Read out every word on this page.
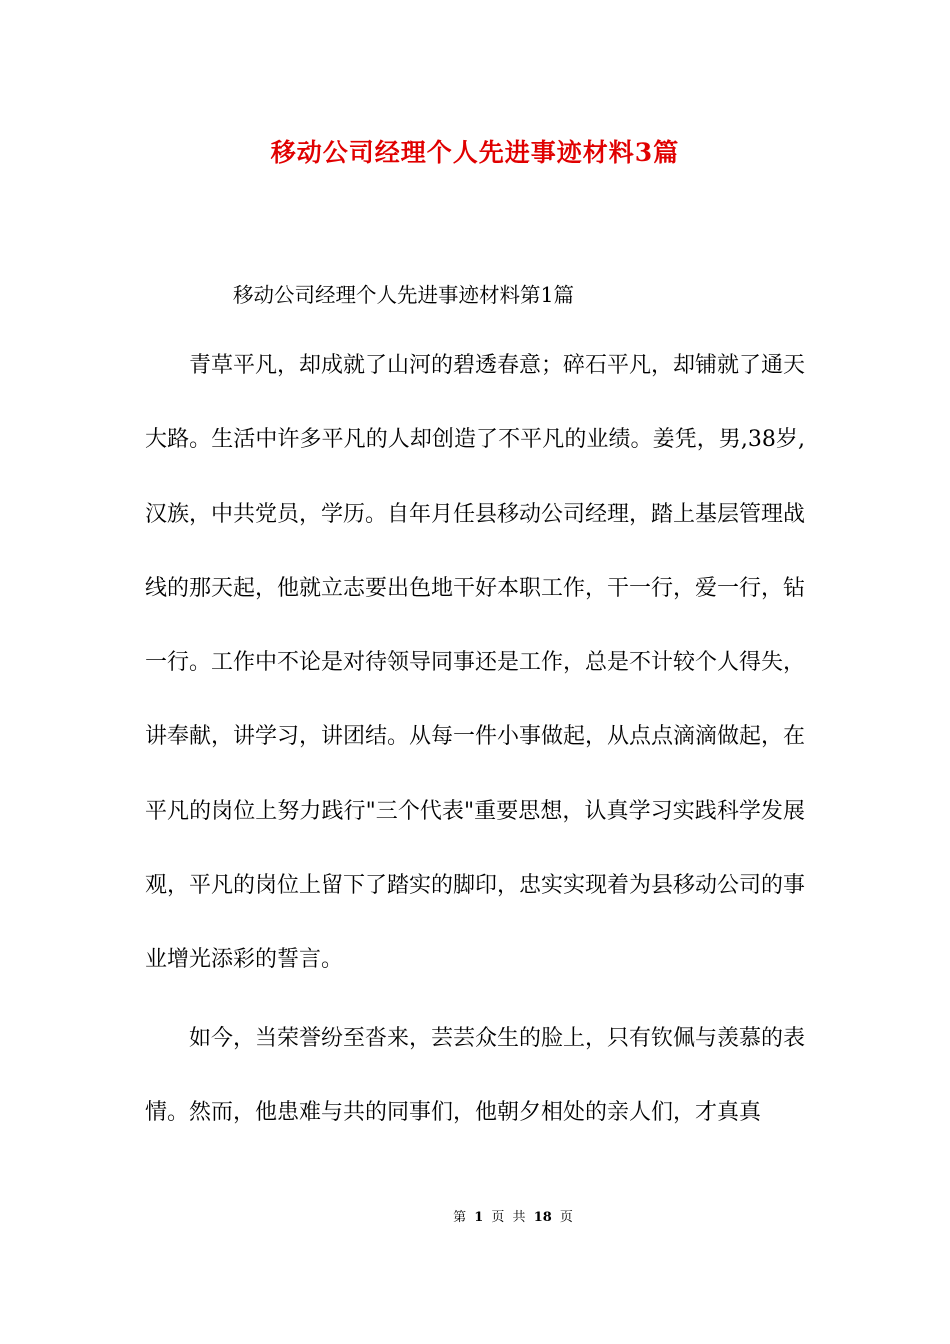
移动公司经理个人先进事迹材料3篇

移动公司经理个人先进事迹材料第1篇

青草平凡，却成就了山河的碧透春意；碎石平凡，却铺就了通天大路。生活中许多平凡的人却创造了不平凡的业绩。姜凭，男,38岁,汉族，中共党员，学历。自年月任县移动公司经理，踏上基层管理战线的那天起，他就立志要出色地干好本职工作，干一行，爱一行，钻一行。工作中不论是对待领导同事还是工作，总是不计较个人得失，讲奉献，讲学习，讲团结。从每一件小事做起，从点点滴滴做起，在平凡的岗位上努力践行"三个代表"重要思想，认真学习实践科学发展观，平凡的岗位上留下了踏实的脚印，忠实实现着为县移动公司的事业增光添彩的誓言。

如今，当荣誉纷至沓来，芸芸众生的脸上，只有钦佩与羡慕的表情。然而，他患难与共的同事们，他朝夕相处的亲人们，才真真

第 1 页 共 18 页
